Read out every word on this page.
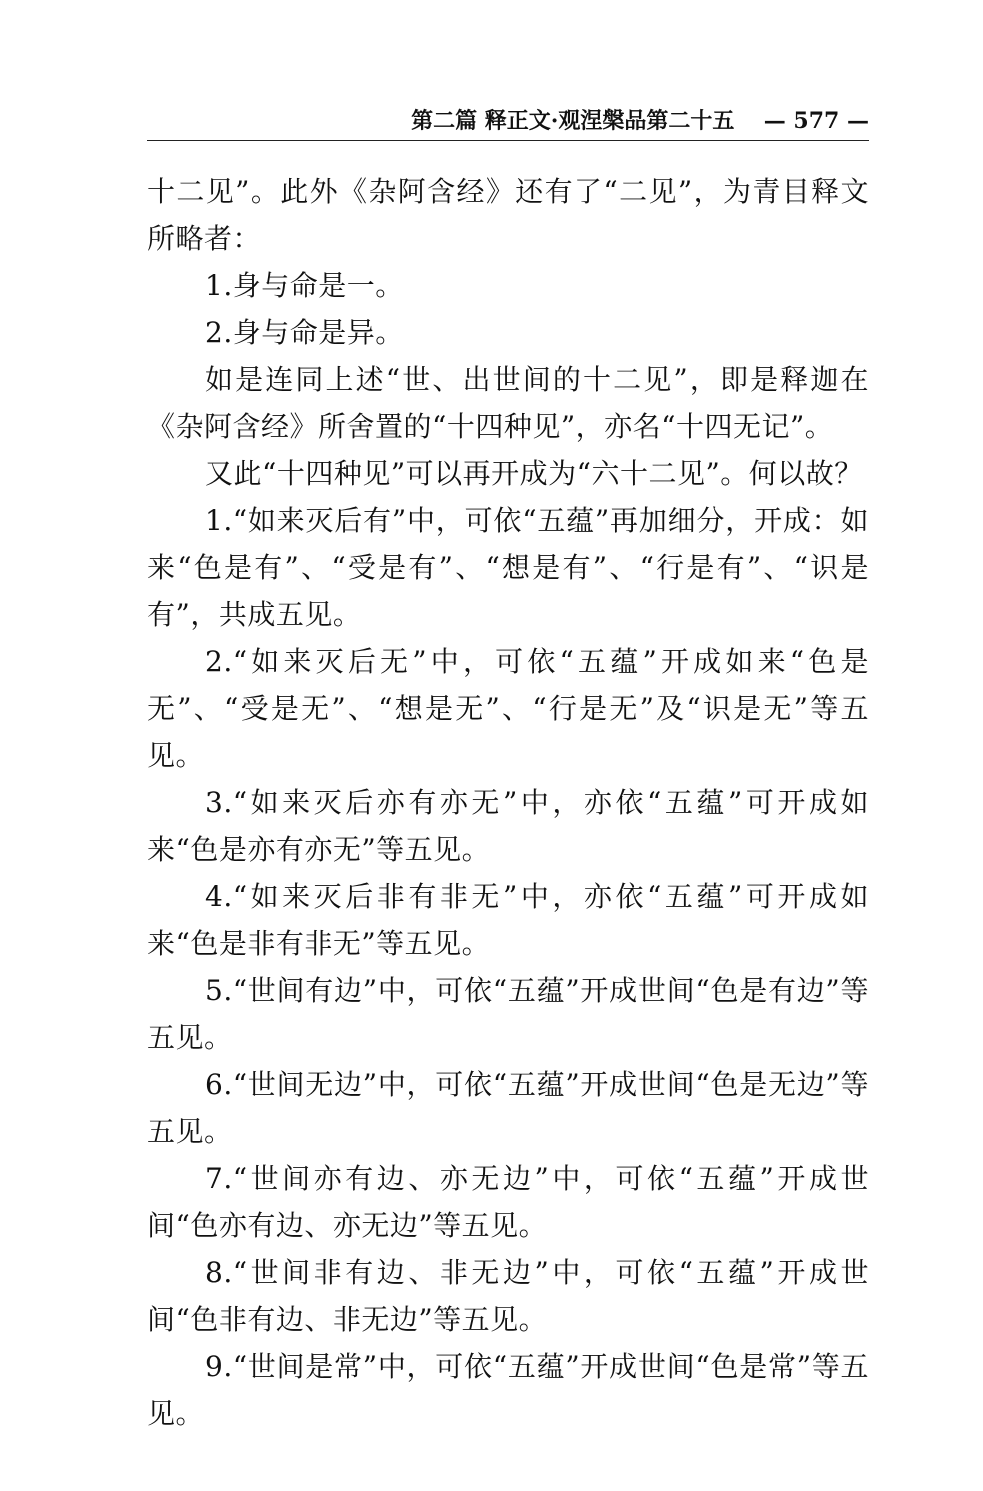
第二篇 释正文·观涅槃品第二十五 — 577 —

十二见”。此外《杂阿含经》还有了“二见”，为青目释文所略者：

1.身与命是一。

2.身与命是异。

如是连同上述“世、出世间的十二见”，即是释迦在《杂阿含经》所舍置的“十四种见”，亦名“十四无记”。

又此“十四种见”可以再开成为“六十二见”。何以故？

1.“如来灭后有”中，可依“五蕴”再加细分，开成：如来“色是有”、“受是有”、“想是有”、“行是有”、“识是有”，共成五见。

2.“如来灭后无”中，可依“五蕴”开成如来“色是无”、“受是无”、“想是无”、“行是无”及“识是无”等五见。

3.“如来灭后亦有亦无”中，亦依“五蕴”可开成如来“色是亦有亦无”等五见。

4.“如来灭后非有非无”中，亦依“五蕴”可开成如来“色是非有非无”等五见。

5.“世间有边”中，可依“五蕴”开成世间“色是有边”等五见。

6.“世间无边”中，可依“五蕴”开成世间“色是无边”等五见。

7.“世间亦有边、亦无边”中，可依“五蕴”开成世间“色亦有边、亦无边”等五见。

8.“世间非有边、非无边”中，可依“五蕴”开成世间“色非有边、非无边”等五见。

9.“世间是常”中，可依“五蕴”开成世间“色是常”等五见。
